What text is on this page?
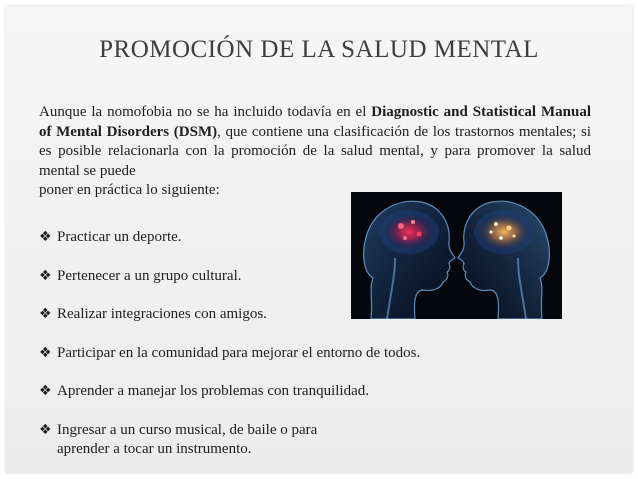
PROMOCIÓN DE LA SALUD MENTAL

Aunque la nomofobia no se ha incluido todavía en el Diagnostic and Statistical Manual of Mental Disorders (DSM), que contiene una clasificación de los trastornos mentales; si es posible relacionarla con la promoción de la salud mental, y para promover la salud mental se puede
poner en práctica lo siguiente:

❖ Practicar un deporte.
❖ Pertenecer a un grupo cultural.
❖ Realizar integraciones con amigos.
❖ Participar en la comunidad para mejorar el entorno de todos.
❖ Aprender a manejar los problemas con tranquilidad.
❖ Ingresar a un curso musical, de baile o para
aprender a tocar un instrumento.
